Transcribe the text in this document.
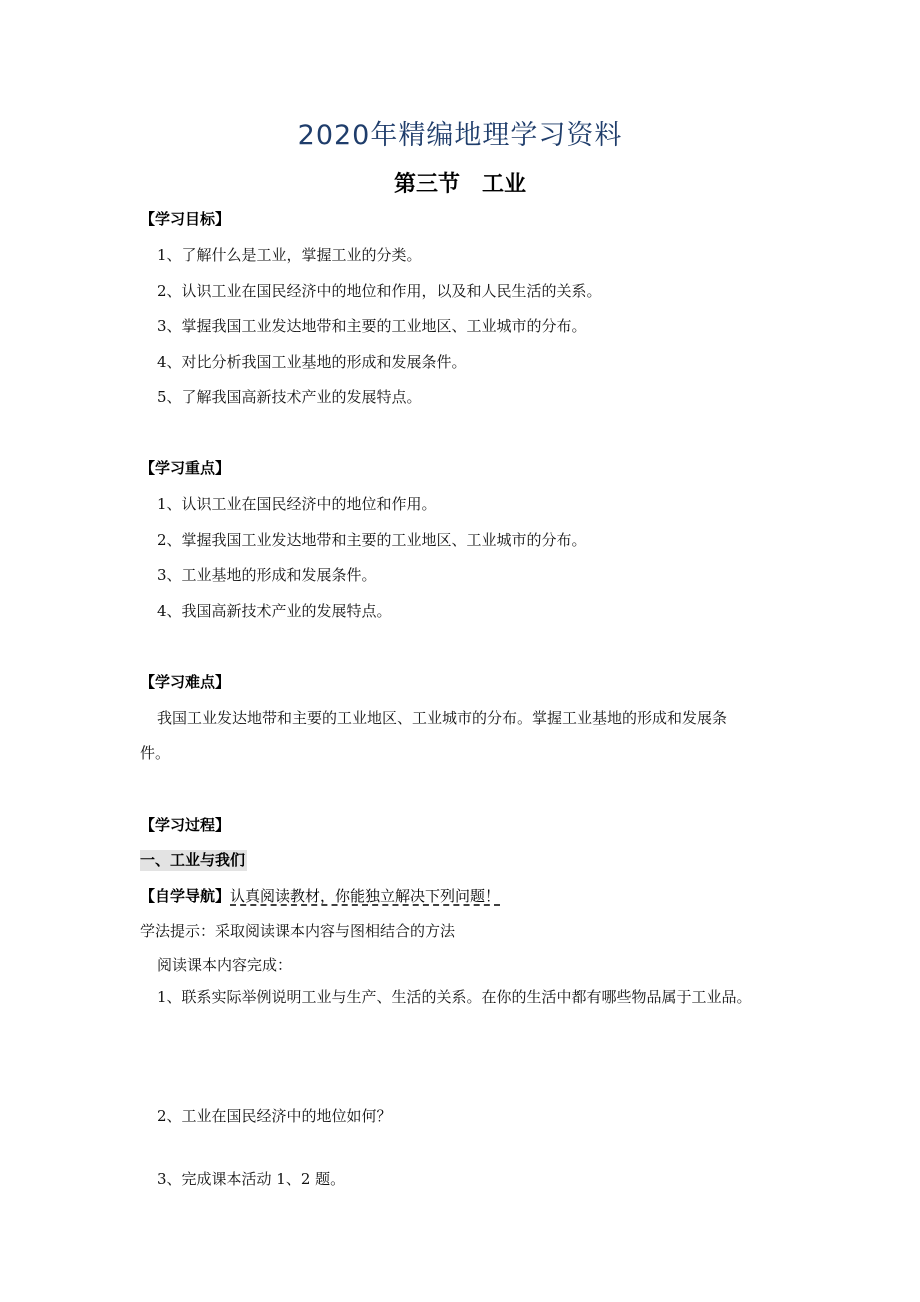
2020年精编地理学习资料
第三节　工业
【学习目标】
1、了解什么是工业，掌握工业的分类。
2、认识工业在国民经济中的地位和作用，以及和人民生活的关系。
3、掌握我国工业发达地带和主要的工业地区、工业城市的分布。
4、对比分析我国工业基地的形成和发展条件。
5、了解我国高新技术产业的发展特点。
【学习重点】
1、认识工业在国民经济中的地位和作用。
2、掌握我国工业发达地带和主要的工业地区、工业城市的分布。
3、工业基地的形成和发展条件。
4、我国高新技术产业的发展特点。
【学习难点】
我国工业发达地带和主要的工业地区、工业城市的分布。掌握工业基地的形成和发展条
件。
【学习过程】
一、工业与我们
【自学导航】认真阅读教材，你能独立解决下列问题！
学法提示：采取阅读课本内容与图相结合的方法
阅读课本内容完成：
1、联系实际举例说明工业与生产、生活的关系。在你的生活中都有哪些物品属于工业品。
2、工业在国民经济中的地位如何？
3、完成课本活动 1、2 题。
